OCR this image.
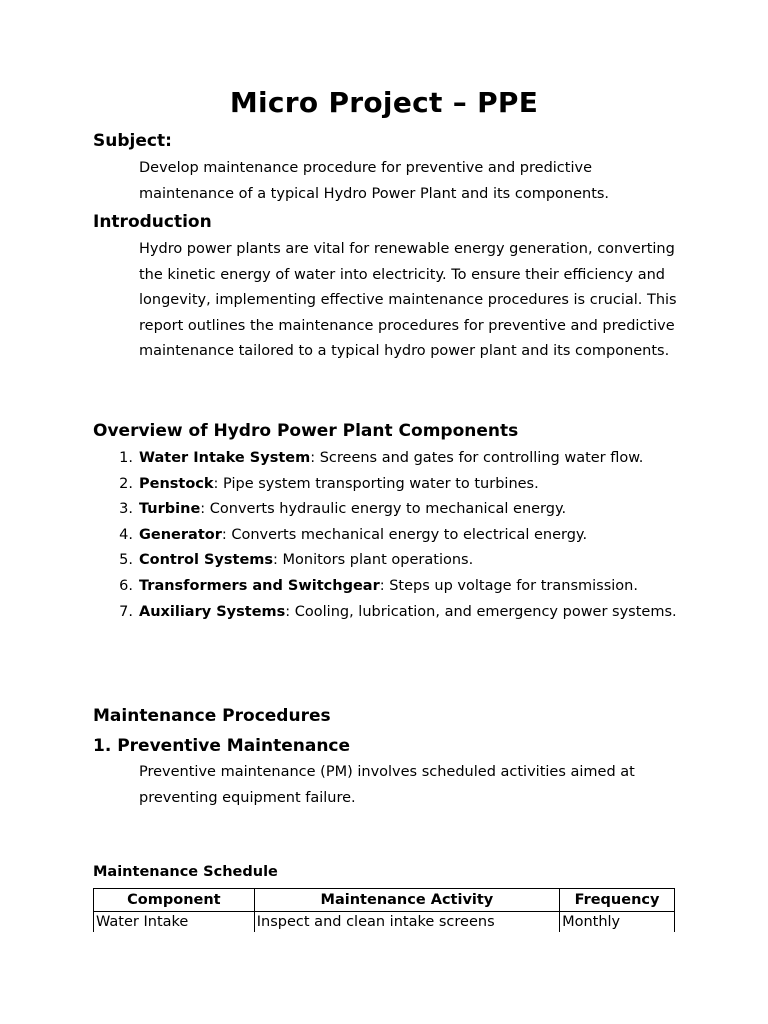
Micro Project – PPE
Subject:

Develop maintenance procedure for preventive and predictive maintenance of a typical Hydro Power Plant and its components.

Introduction

Hydro power plants are vital for renewable energy generation, converting the kinetic energy of water into electricity. To ensure their efficiency and longevity, implementing effective maintenance procedures is crucial. This report outlines the maintenance procedures for preventive and predictive maintenance tailored to a typical hydro power plant and its components.

Overview of Hydro Power Plant Components
1. Water Intake System: Screens and gates for controlling water flow.
2. Penstock: Pipe system transporting water to turbines.
3. Turbine: Converts hydraulic energy to mechanical energy.
4. Generator: Converts mechanical energy to electrical energy.
5. Control Systems: Monitors plant operations.
6. Transformers and Switchgear: Steps up voltage for transmission.
7. Auxiliary Systems: Cooling, lubrication, and emergency power systems.
Maintenance Procedures
1. Preventive Maintenance

Preventive maintenance (PM) involves scheduled activities aimed at preventing equipment failure.

Maintenance Schedule
Component	Maintenance Activity	Frequency
Water Intake	Inspect and clean intake screens	Monthly
